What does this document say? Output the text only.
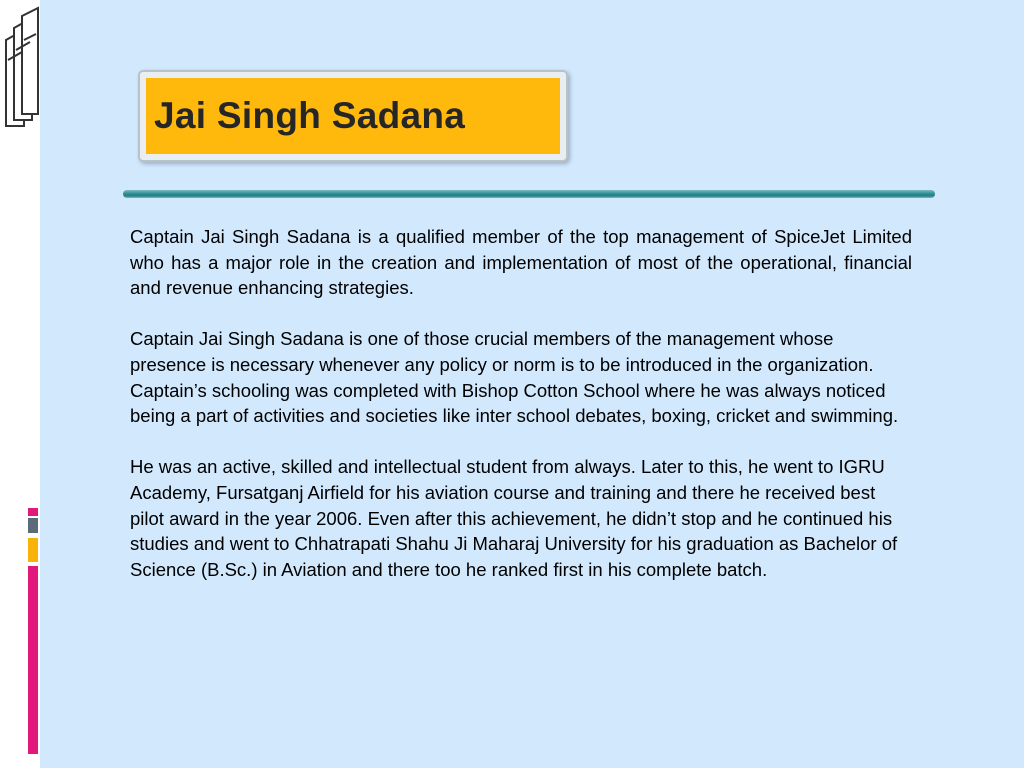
Jai Singh Sadana

Captain Jai Singh Sadana is a qualified member of the top management of SpiceJet Limited who has a major role in the creation and implementation of most of the operational, financial and revenue enhancing strategies.

Captain Jai Singh Sadana is one of those crucial members of the management whose presence is necessary whenever any policy or norm is to be introduced in the organization. Captain’s schooling was completed with Bishop Cotton School where he was always noticed being a part of activities and societies like inter school debates, boxing, cricket and swimming.

He was an active, skilled and intellectual student from always. Later to this, he went to IGRU Academy, Fursatganj Airfield for his aviation course and training and there he received best pilot award in the year 2006. Even after this achievement, he didn’t stop and he continued his studies and went to Chhatrapati Shahu Ji Maharaj University for his graduation as Bachelor of Science (B.Sc.) in Aviation and there too he ranked first in his complete batch.
